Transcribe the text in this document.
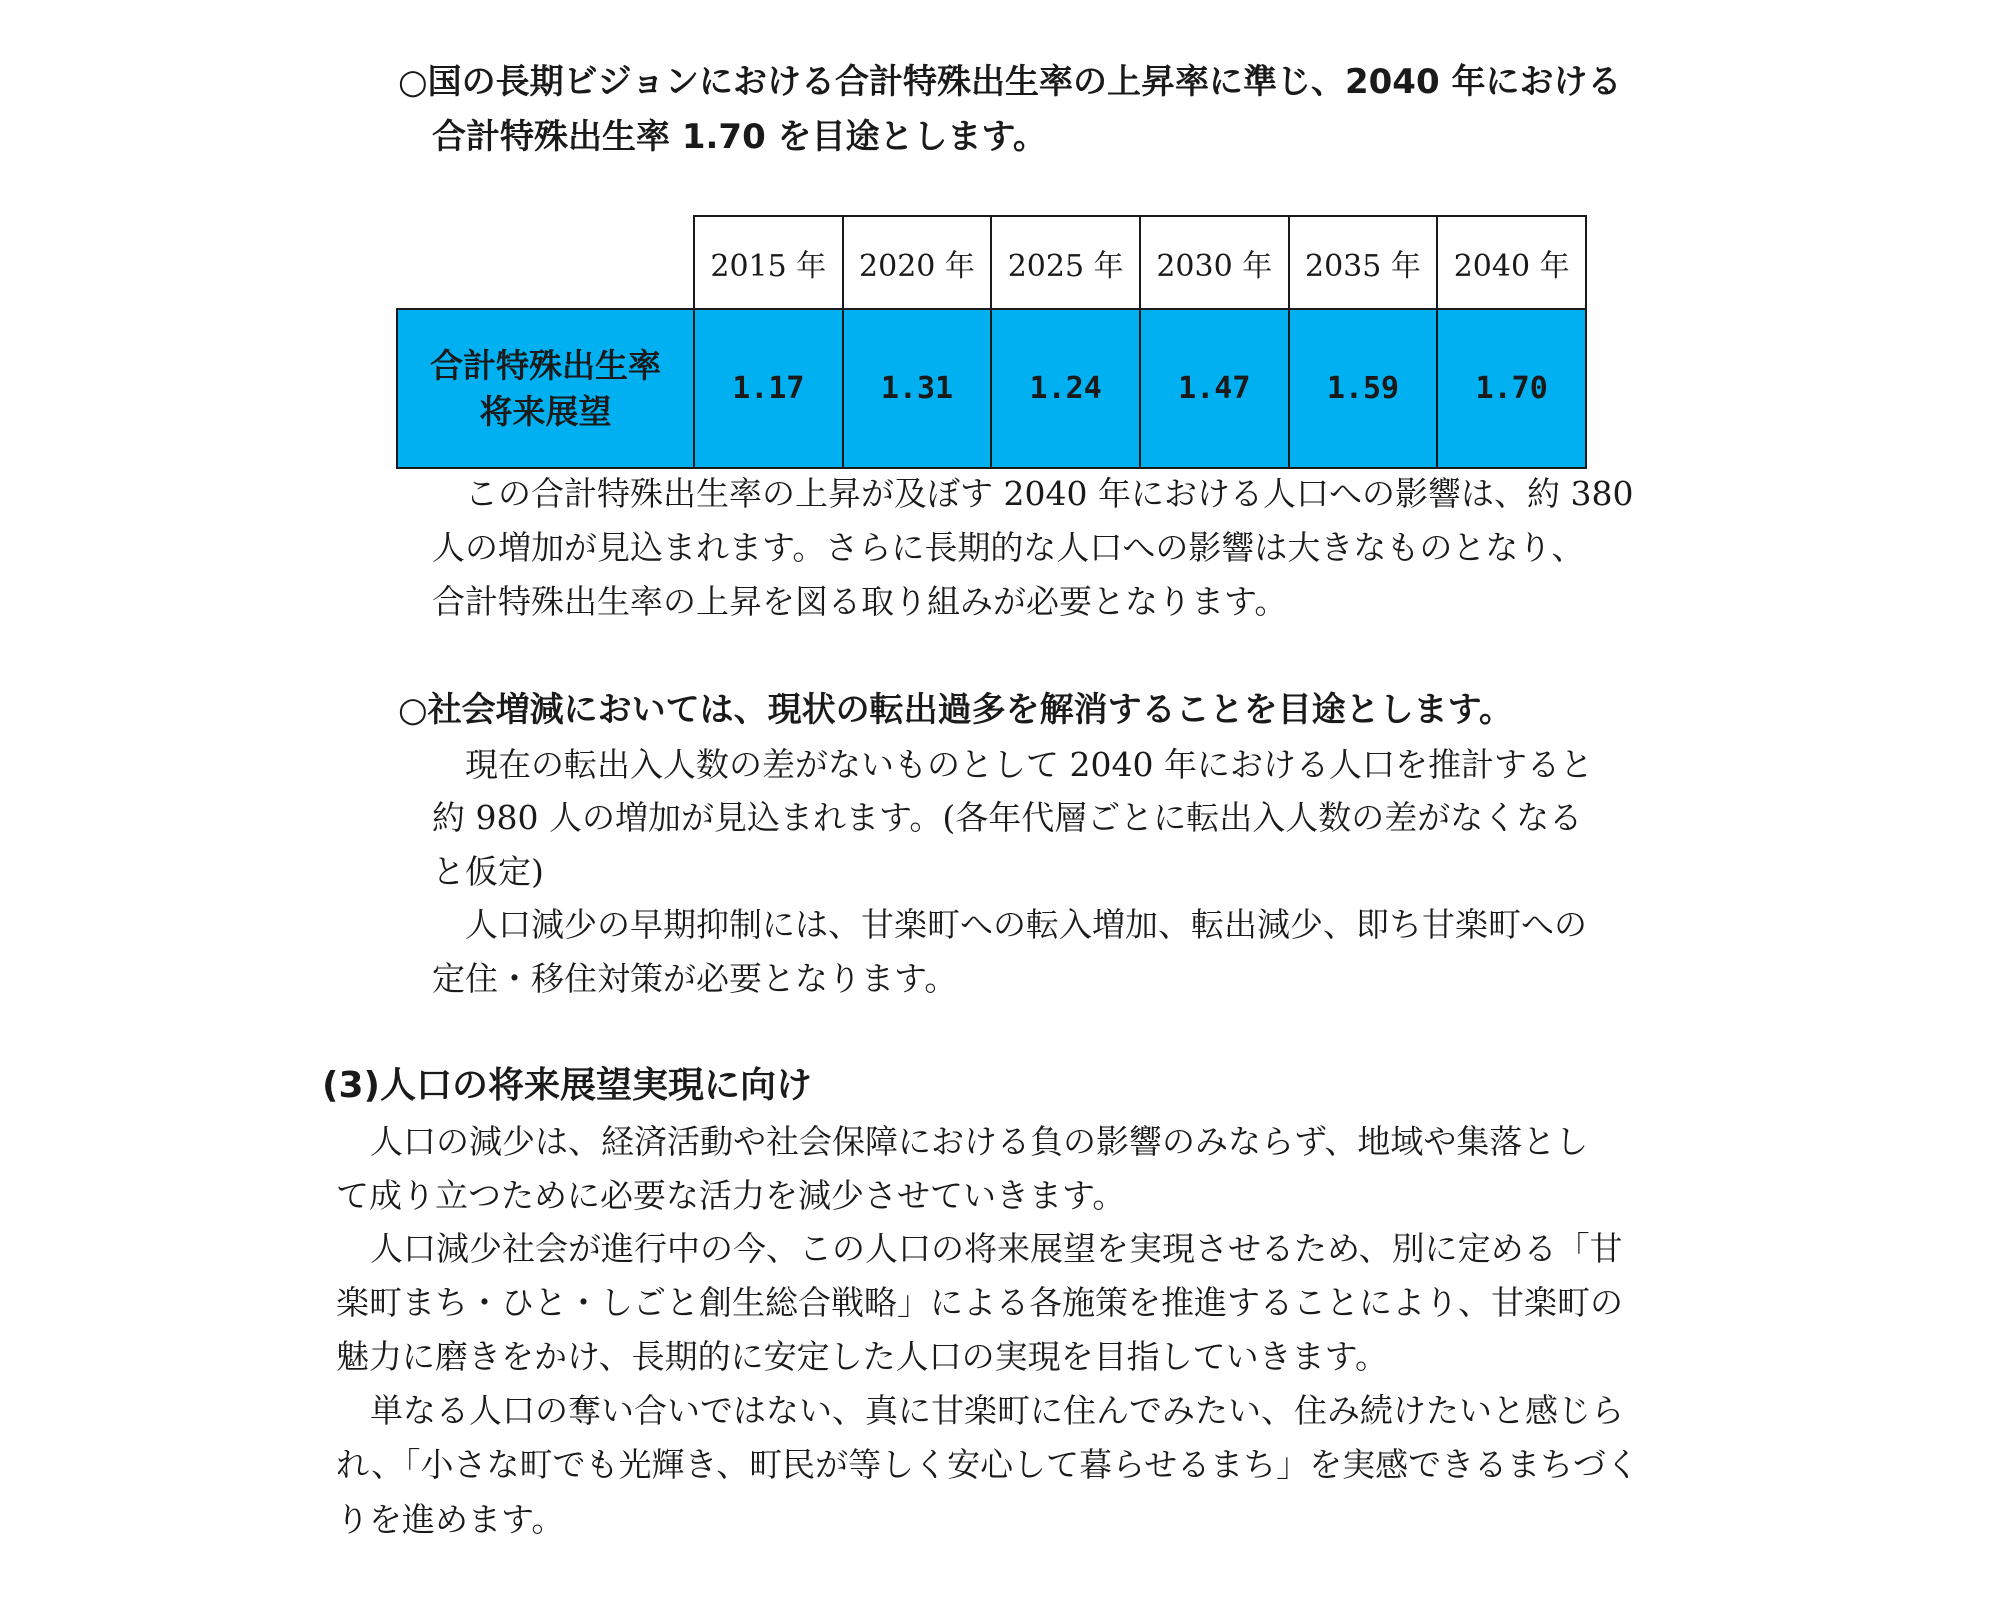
○国の長期ビジョンにおける合計特殊出生率の上昇率に準じ、2040 年における
合計特殊出生率 1.70 を目途とします。
	2015 年	2020 年	2025 年	2030 年	2035 年	2040 年

合計特殊出生率
将来展望	1.17	1.31	1.24	1.47	1.59	1.70
この合計特殊出生率の上昇が及ぼす 2040 年における人口への影響は、約 380
人の増加が見込まれます。さらに長期的な人口への影響は大きなものとなり、
合計特殊出生率の上昇を図る取り組みが必要となります。
○社会増減においては、現状の転出過多を解消することを目途とします。
現在の転出入人数の差がないものとして 2040 年における人口を推計すると
約 980 人の増加が見込まれます。(各年代層ごとに転出入人数の差がなくなる
と仮定)
人口減少の早期抑制には、甘楽町への転入増加、転出減少、即ち甘楽町への
定住・移住対策が必要となります。
(3)人口の将来展望実現に向け
人口の減少は、経済活動や社会保障における負の影響のみならず、地域や集落とし
て成り立つために必要な活力を減少させていきます。
人口減少社会が進行中の今、この人口の将来展望を実現させるため、別に定める「甘
楽町まち・ひと・しごと創生総合戦略」による各施策を推進することにより、甘楽町の
魅力に磨きをかけ、長期的に安定した人口の実現を目指していきます。
単なる人口の奪い合いではない、真に甘楽町に住んでみたい、住み続けたいと感じら
れ、「小さな町でも光輝き、町民が等しく安心して暮らせるまち」を実感できるまちづく
りを進めます。
